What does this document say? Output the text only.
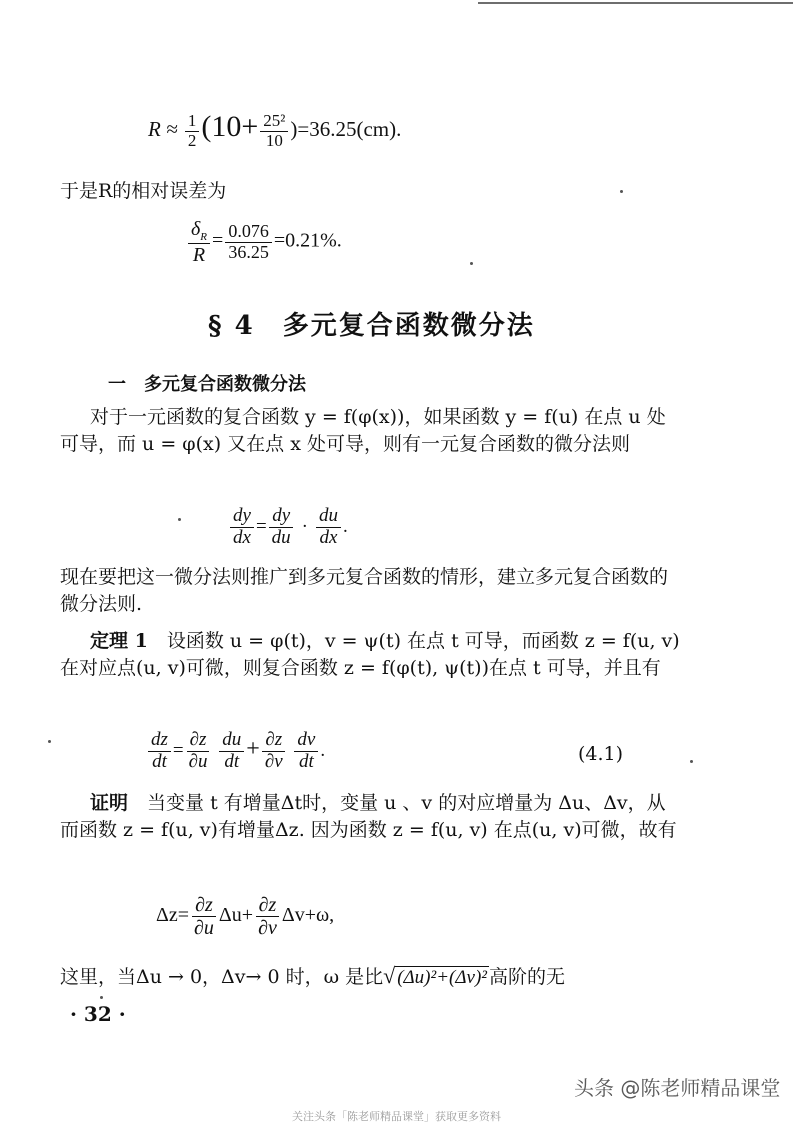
$R \approx \frac{1}{2} (10+ \frac{\text{25²}}{10} )=36.25(cm)$.
于是R的相对误差为
$\frac{\delta_R}{R} = \frac{0.076}{36.25} =0.21\%$.
§ 4　多元复合函数微分法
一　多元复合函数微分法
对于一元函数的复合函数 y = f(φ(x))，如果函数 y = f(u) 在点 u 处可导，而 u = φ(x) 又在点 x 处可导，则有一元复合函数的微分法则
$\frac{dy}{dx} = \frac{dy}{du} \cdot \frac{du}{dx}$ .
现在要把这一微分法则推广到多元复合函数的情形，建立多元复合函数的微分法则.
定理 1　 设函数 u = φ(t)，v = ψ(t) 在点 t 可导，而函数 z = f(u, v) 在对应点(u, v)可微，则复合函数 z = f(φ(t), ψ(t))在点 t 可导，并且有
$\frac{dz}{dt} = \frac{\partial z}{\partial u}$
$\frac{du}{dt} + \frac{\partial z}{\partial v}$
$\frac{dv}{dt}$ .	(4.1)
证明　 当变量 t 有增量Δt时，变量 u 、v 的对应增量为 Δu、Δv，从而函数 z = f(u, v)有增量Δz. 因为函数 z = f(u, v) 在点(u, v)可微，故有
$\Delta z= \frac{\partial z}{\partial u} \Delta u+ \frac{\partial z}{\partial v} \Delta v+\omega$,
这里，当Δu → 0，Δv→ 0 时，ω 是比√ (Δu)²+(Δv)² 高阶的无
· 32 ·
头条 @陈老师精品课堂
关注头条「陈老师精品课堂」获取更多资料
